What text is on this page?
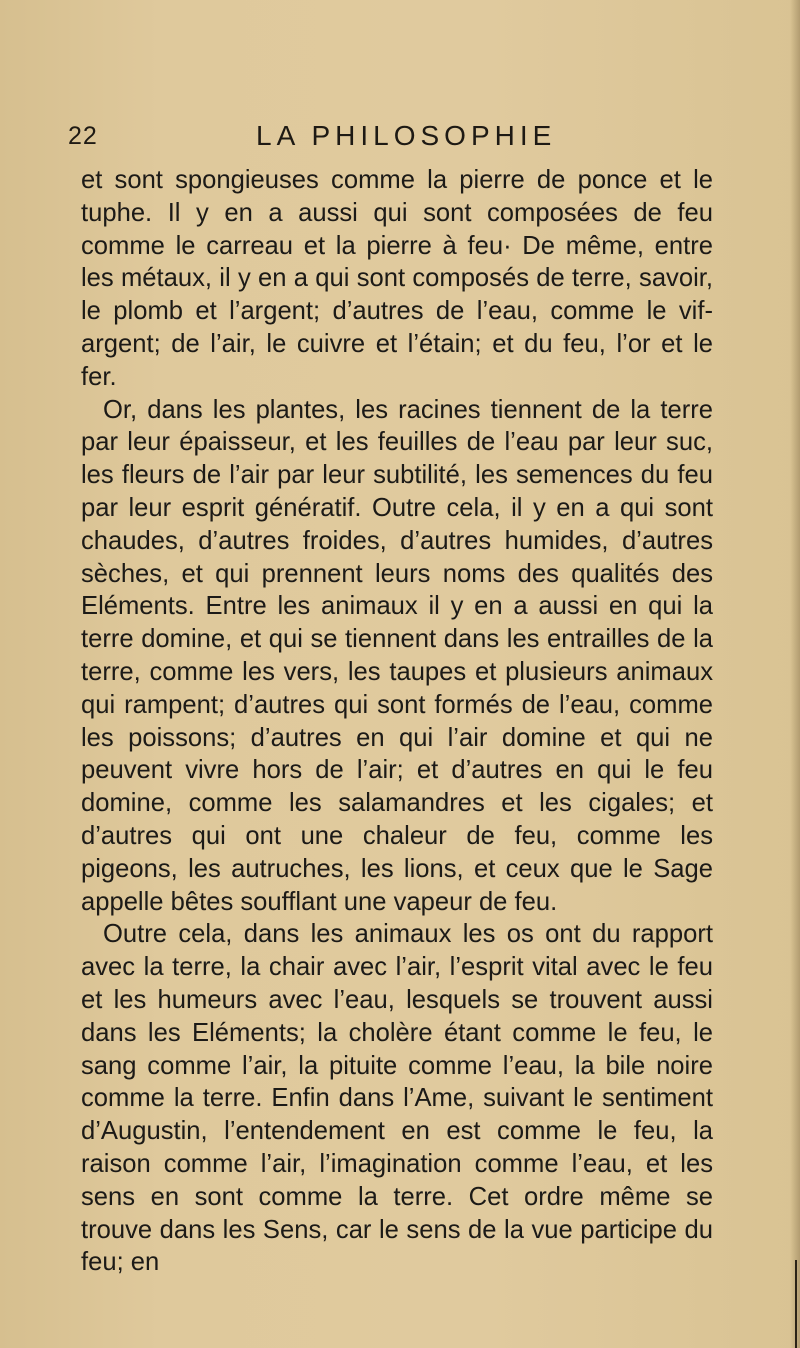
22	LA PHILOSOPHIE

et sont spongieuses comme la pierre de ponce et le tuphe. Il y en a aussi qui sont composées de feu comme le carreau et la pierre à feu· De même, entre les métaux, il y en a qui sont composés de terre, savoir, le plomb et l’argent; d’autres de l’eau, comme le vif-argent; de l’air, le cuivre et l’étain; et du feu, l’or et le fer.

Or, dans les plantes, les racines tiennent de la terre par leur épaisseur, et les feuilles de l’eau par leur suc, les fleurs de l’air par leur subtilité, les semences du feu par leur esprit génératif. Outre cela, il y en a qui sont chaudes, d’autres froides, d’autres humides, d’autres sèches, et qui prennent leurs noms des qualités des Eléments. Entre les animaux il y en a aussi en qui la terre domine, et qui se tiennent dans les entrailles de la terre, comme les vers, les taupes et plusieurs animaux qui rampent; d’autres qui sont formés de l’eau, comme les poissons; d’autres en qui l’air domine et qui ne peuvent vivre hors de l’air; et d’autres en qui le feu domine, comme les salamandres et les cigales; et d’autres qui ont une chaleur de feu, comme les pigeons, les autruches, les lions, et ceux que le Sage appelle bêtes soufflant une vapeur de feu.

Outre cela, dans les animaux les os ont du rapport avec la terre, la chair avec l’air, l’esprit vital avec le feu et les humeurs avec l’eau, lesquels se trouvent aussi dans les Eléments; la cholère étant comme le feu, le sang comme l’air, la pituite comme l’eau, la bile noire comme la terre. Enfin dans l’Ame, suivant le sentiment d’Augustin, l’entendement en est comme le feu, la raison comme l’air, l’imagination comme l’eau, et les sens en sont comme la terre. Cet ordre même se trouve dans les Sens, car le sens de la vue participe du feu; en
